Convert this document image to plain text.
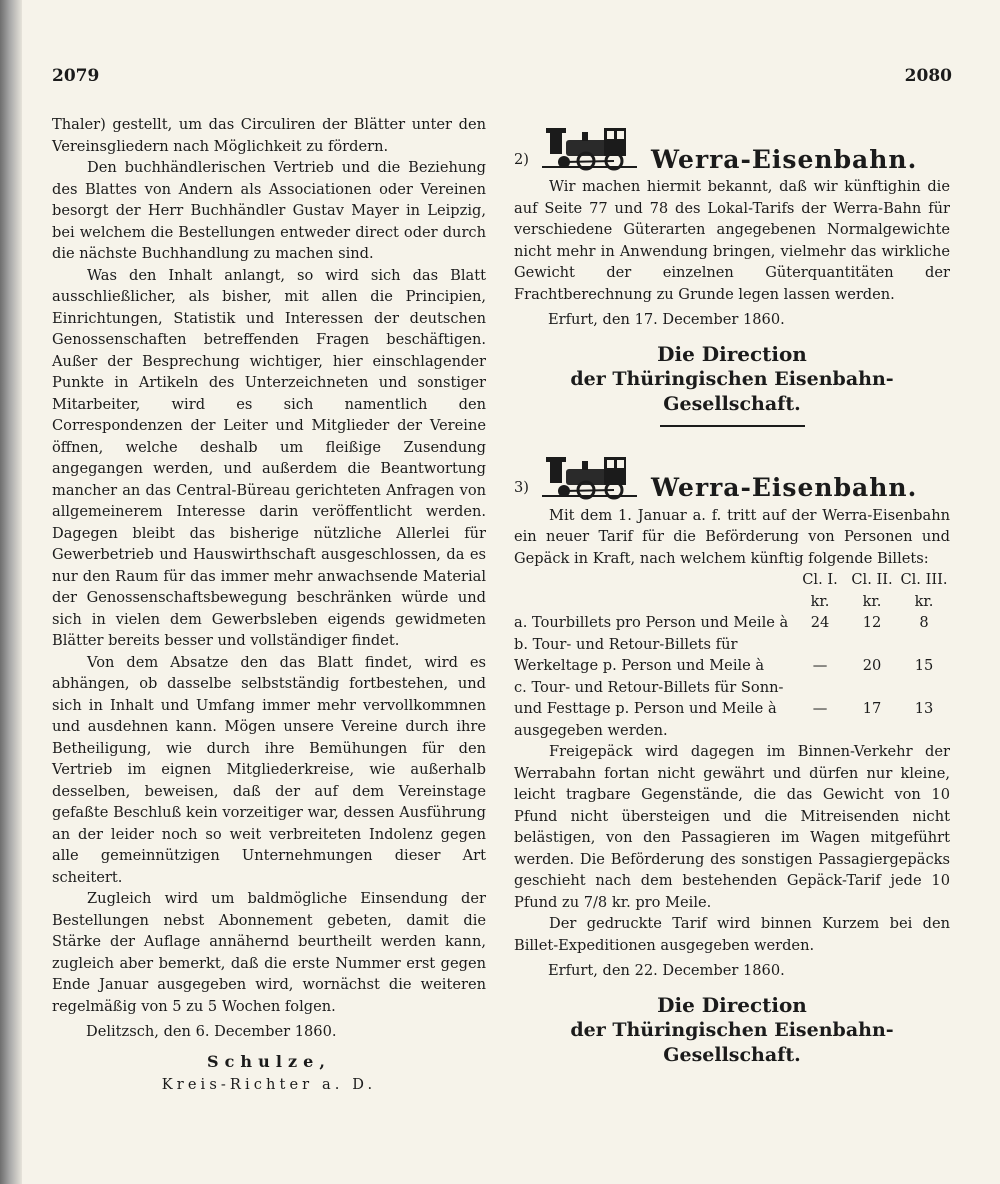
2079	2080

Thaler) gestellt, um das Circuliren der Blätter unter den Vereinsgliedern nach Möglichkeit zu fördern.

Den buchhändlerischen Vertrieb und die Beziehung des Blattes von Andern als Associationen oder Vereinen besorgt der Herr Buchhändler Gustav Mayer in Leipzig, bei welchem die Bestellungen entweder direct oder durch die nächste Buchhandlung zu machen sind.

Was den Inhalt anlangt, so wird sich das Blatt ausschließlicher, als bisher, mit allen die Principien, Einrichtungen, Statistik und Interessen der deutschen Genossenschaften betreffenden Fragen beschäftigen. Außer der Besprechung wichtiger, hier einschlagender Punkte in Artikeln des Unterzeichneten und sonstiger Mitarbeiter, wird es sich namentlich den Correspondenzen der Leiter und Mitglieder der Vereine öffnen, welche deshalb um fleißige Zusendung angegangen werden, und außerdem die Beantwortung mancher an das Central-Büreau gerichteten Anfragen von allgemeinerem Interesse darin veröffentlicht werden. Dagegen bleibt das bisherige nützliche Allerlei für Gewerbetrieb und Hauswirthschaft ausgeschlossen, da es nur den Raum für das immer mehr anwachsende Material der Genossenschaftsbewegung beschränken würde und sich in vielen dem Gewerbsleben eigends gewidmeten Blätter bereits besser und vollständiger findet.

Von dem Absatze den das Blatt findet, wird es abhängen, ob dasselbe selbstständig fortbestehen, und sich in Inhalt und Umfang immer mehr vervollkommnen und ausdehnen kann. Mögen unsere Vereine durch ihre Betheiligung, wie durch ihre Bemühungen für den Vertrieb im eignen Mitgliederkreise, wie außerhalb desselben, beweisen, daß der auf dem Vereinstage gefaßte Beschluß kein vorzeitiger war, dessen Ausführung an der leider noch so weit verbreiteten Indolenz gegen alle gemeinnützigen Unternehmungen dieser Art scheitert.

Zugleich wird um baldmögliche Einsendung der Bestellungen nebst Abonnement gebeten, damit die Stärke der Auflage annähernd beurtheilt werden kann, zugleich aber bemerkt, daß die erste Nummer erst gegen Ende Januar ausgegeben wird, wornächst die weiteren regelmäßig von 5 zu 5 Wochen folgen.

Delitzsch, den 6. December 1860.

Schulze,
Kreis-Richter a. D.
2)	Werra-Eisenbahn.

Wir machen hiermit bekannt, daß wir künftighin die auf Seite 77 und 78 des Lokal-Tarifs der Werra-Bahn für verschiedene Güterarten angegebenen Normalgewichte nicht mehr in Anwendung bringen, vielmehr das wirkliche Gewicht der einzelnen Güterquantitäten der Frachtberechnung zu Grunde legen lassen werden.

Erfurt, den 17. December 1860.

Die Direction
der Thüringischen Eisenbahn-
Gesellschaft.
3)	Werra-Eisenbahn.

Mit dem 1. Januar a. f. tritt auf der Werra-Eisenbahn ein neuer Tarif für die Beförderung von Personen und Gepäck in Kraft, nach welchem künftig folgende Billets:

	Cl. I.	Cl. II.	Cl. III.
	kr.	kr.	kr.
a. Tourbillets pro Person und Meile à	24	12	8
b. Tour- und Retour-Billets für Werkeltage p. Person und Meile à	—	20	15
c. Tour- und Retour-Billets für Sonn- und Festtage p. Person und Meile à	—	17	13

ausgegeben werden.

Freigepäck wird dagegen im Binnen-Verkehr der Werrabahn fortan nicht gewährt und dürfen nur kleine, leicht tragbare Gegenstände, die das Gewicht von 10 Pfund nicht übersteigen und die Mitreisenden nicht belästigen, von den Passagieren im Wagen mitgeführt werden. Die Beförderung des sonstigen Passagiergepäcks geschieht nach dem bestehenden Gepäck-Tarif jede 10 Pfund zu 7/8 kr. pro Meile.

Der gedruckte Tarif wird binnen Kurzem bei den Billet-Expeditionen ausgegeben werden.

Erfurt, den 22. December 1860.

Die Direction
der Thüringischen Eisenbahn-
Gesellschaft.
